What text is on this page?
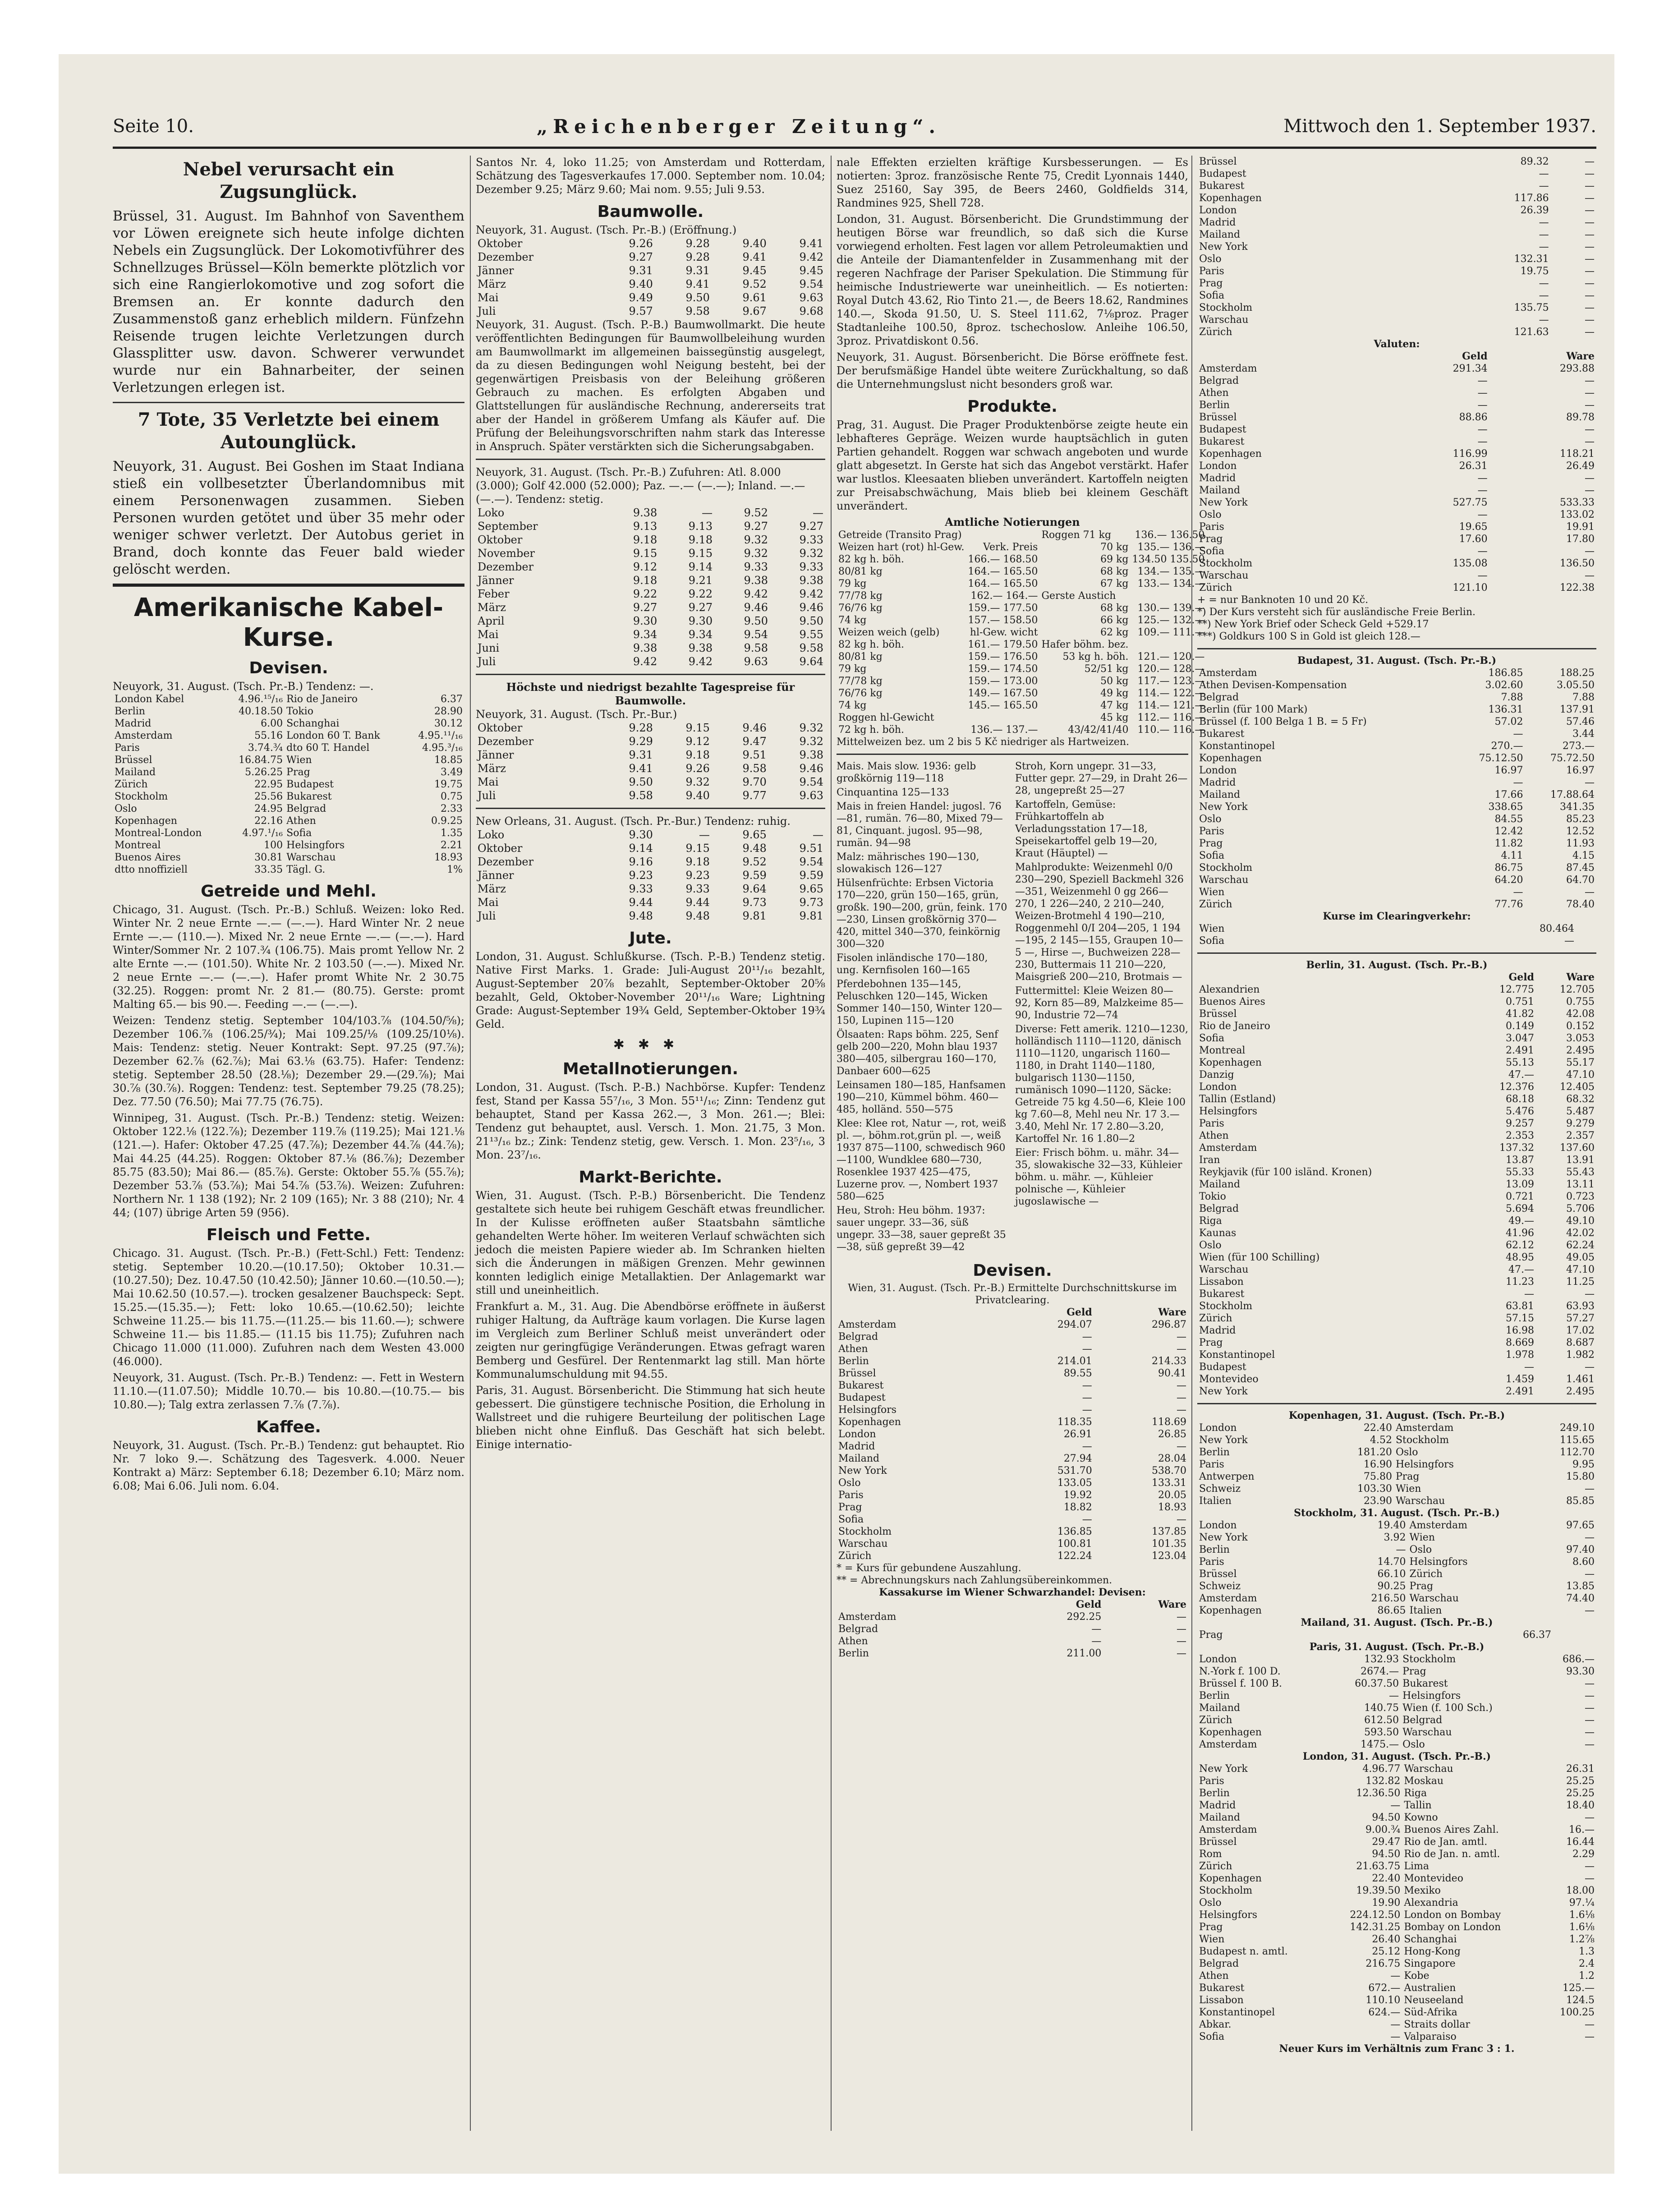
Seite 10.	„Reichenberger Zeitung“.	Mittwoch den 1. September 1937.
Nebel verursacht ein Zugsunglück.

Brüssel, 31. August. Im Bahnhof von Saventhem vor Löwen ereignete sich heute infolge dichten Nebels ein Zugsunglück. Der Lokomotivführer des Schnellzuges Brüssel—Köln bemerkte plötzlich vor sich eine Rangierlokomotive und zog sofort die Bremsen an. Er konnte dadurch den Zusammenstoß ganz erheblich mildern. Fünfzehn Reisende trugen leichte Verletzungen durch Glassplitter usw. davon. Schwerer verwundet wurde nur ein Bahnarbeiter, der seinen Verletzungen erlegen ist.

7 Tote, 35 Verletzte bei einem Autounglück.

Neuyork, 31. August. Bei Goshen im Staat Indiana stieß ein vollbesetzter Überlandomnibus mit einem Personenwagen zusammen. Sieben Personen wurden getötet und über 35 mehr oder weniger schwer verletzt. Der Autobus geriet in Brand, doch konnte das Feuer bald wieder gelöscht werden.

Amerikanische Kabel-Kurse.
Devisen.
Neuyork, 31. August. (Tsch. Pr.-B.) Tendenz: —.
London Kabel	4.96.¹⁵/₁₆	Rio de Janeiro	6.37
Berlin	40.18.50	Tokio	28.90
Madrid	6.00	Schanghai	30.12
Amsterdam	55.16	London 60 T. Bank	4.95.¹¹/₁₆
Paris	3.74.¾	dto 60 T. Handel	4.95.³/₁₆
Brüssel	16.84.75	Wien	18.85
Mailand	5.26.25	Prag	3.49
Zürich	22.95	Budapest	19.75
Stockholm	25.56	Bukarest	0.75
Oslo	24.95	Belgrad	2.33
Kopenhagen	22.16	Athen	0.9.25
Montreal-London	4.97.¹/₁₆	Sofia	1.35
Montreal	100	Helsingfors	2.21
Buenos Aires	30.81	Warschau	18.93
dtto nnoffiziell	33.35	Tägl. G.	1%
Getreide und Mehl.

Chicago, 31. August. (Tsch. Pr.-B.) Schluß. Weizen: loko Red. Winter Nr. 2 neue Ernte —.— (—.—). Hard Winter Nr. 2 neue Ernte —.— (110.—). Mixed Nr. 2 neue Ernte —.— (—.—). Hard Winter/Sommer Nr. 2 107.¾ (106.75). Mais promt Yellow Nr. 2 alte Ernte —.— (101.50). White Nr. 2 103.50 (—.—). Mixed Nr. 2 neue Ernte —.— (—.—). Hafer promt White Nr. 2 30.75 (32.25). Roggen: promt Nr. 2 81.— (80.75). Gerste: promt Malting 65.— bis 90.—. Feeding —.— (—.—).

Weizen: Tendenz stetig. September 104/103.⅞ (104.50/⅝); Dezember 106.⅞ (106.25/¾); Mai 109.25/⅛ (109.25/10⅛). Mais: Tendenz: stetig. Neuer Kontrakt: Sept. 97.25 (97.⅞); Dezember 62.⅞ (62.⅞); Mai 63.⅛ (63.75). Hafer: Tendenz: stetig. September 28.50 (28.⅛); Dezember 29.—(29.⅞); Mai 30.⅞ (30.⅞). Roggen: Tendenz: test. September 79.25 (78.25); Dez. 77.50 (76.50); Mai 77.75 (76.75).

Winnipeg, 31. August. (Tsch. Pr.-B.) Tendenz: stetig. Weizen: Oktober 122.⅛ (122.⅞); Dezember 119.⅞ (119.25); Mai 121.⅛ (121.—). Hafer: Oktober 47.25 (47.⅞); Dezember 44.⅞ (44.⅞); Mai 44.25 (44.25). Roggen: Oktober 87.⅛ (86.⅞); Dezember 85.75 (83.50); Mai 86.— (85.⅞). Gerste: Oktober 55.⅞ (55.⅞); Dezember 53.⅞ (53.⅞); Mai 54.⅞ (53.⅞). Weizen: Zufuhren: Northern Nr. 1 138 (192); Nr. 2 109 (165); Nr. 3 88 (210); Nr. 4 44; (107) übrige Arten 59 (956).

Fleisch und Fette.

Chicago. 31. August. (Tsch. Pr.-B.) (Fett-Schl.) Fett: Tendenz: stetig. September 10.20.—(10.17.50); Oktober 10.31.—(10.27.50); Dez. 10.47.50 (10.42.50); Jänner 10.60.—(10.50.—); Mai 10.62.50 (10.57.—). trocken gesalzener Bauchspeck: Sept. 15.25.—(15.35.—); Fett: loko 10.65.—(10.62.50); leichte Schweine 11.25.— bis 11.75.—(11.25.— bis 11.60.—); schwere Schweine 11.— bis 11.85.— (11.15 bis 11.75); Zufuhren nach Chicago 11.000 (11.000). Zufuhren nach dem Westen 43.000 (46.000).

Neuyork, 31. August. (Tsch. Pr.-B.) Tendenz: —. Fett in Western 11.10.—(11.07.50); Middle 10.70.— bis 10.80.—(10.75.— bis 10.80.—); Talg extra zerlassen 7.⅞ (7.⅞).

Kaffee.

Neuyork, 31. August. (Tsch. Pr.-B.) Tendenz: gut behauptet. Rio Nr. 7 loko 9.—. Schätzung des Tagesverk. 4.000. Neuer Kontrakt a) März: September 6.18; Dezember 6.10; März nom. 6.08; Mai 6.06. Juli nom. 6.04.

Santos Nr. 4, loko 11.25; von Amsterdam und Rotterdam, Schätzung des Tagesverkaufes 17.000. September nom. 10.04; Dezember 9.25; März 9.60; Mai nom. 9.55; Juli 9.53.

Baumwolle.
Neuyork, 31. August. (Tsch. Pr.-B.) (Eröffnung.)
Oktober	9.26	9.28	9.40	9.41
Dezember	9.27	9.28	9.41	9.42
Jänner	9.31	9.31	9.45	9.45
März	9.40	9.41	9.52	9.54
Mai	9.49	9.50	9.61	9.63
Juli	9.57	9.58	9.67	9.68

Neuyork, 31. August. (Tsch. P.-B.) Baumwollmarkt. Die heute veröffentlichten Bedingungen für Baumwollbeleihung wurden am Baumwollmarkt im allgemeinen baissegünstig ausgelegt, da zu diesen Bedingungen wohl Neigung besteht, bei der gegenwärtigen Preisbasis von der Beleihung größeren Gebrauch zu machen. Es erfolgten Abgaben und Glattstellungen für ausländische Rechnung, andererseits trat aber der Handel in größerem Umfang als Käufer auf. Die Prüfung der Beleihungsvorschriften nahm stark das Interesse in Anspruch. Später verstärkten sich die Sicherungsabgaben.

Neuyork, 31. August. (Tsch. Pr.-B.) Zufuhren: Atl. 8.000 (3.000); Golf 42.000 (52.000); Paz. —.— (—.—); Inland. —.— (—.—). Tendenz: stetig.
Loko	9.38	—	9.52	—
September	9.13	9.13	9.27	9.27
Oktober	9.18	9.18	9.32	9.33
November	9.15	9.15	9.32	9.32
Dezember	9.12	9.14	9.33	9.33
Jänner	9.18	9.21	9.38	9.38
Feber	9.22	9.22	9.42	9.42
März	9.27	9.27	9.46	9.46
April	9.30	9.30	9.50	9.50
Mai	9.34	9.34	9.54	9.55
Juni	9.38	9.38	9.58	9.58
Juli	9.42	9.42	9.63	9.64
Höchste und niedrigst bezahlte Tagespreise für Baumwolle.
Neuyork, 31. August. (Tsch. Pr.-Bur.)
Oktober	9.28	9.15	9.46	9.32
Dezember	9.29	9.12	9.47	9.32
Jänner	9.31	9.18	9.51	9.38
März	9.41	9.26	9.58	9.46
Mai	9.50	9.32	9.70	9.54
Juli	9.58	9.40	9.77	9.63
New Orleans, 31. August. (Tsch. Pr.-Bur.) Tendenz: ruhig.
Loko	9.30	—	9.65	—
Oktober	9.14	9.15	9.48	9.51
Dezember	9.16	9.18	9.52	9.54
Jänner	9.23	9.23	9.59	9.59
März	9.33	9.33	9.64	9.65
Mai	9.44	9.44	9.73	9.73
Juli	9.48	9.48	9.81	9.81
Jute.

London, 31. August. Schlußkurse. (Tsch. P.-B.) Tendenz stetig. Native First Marks. 1. Grade: Juli-August 20¹¹/₁₆ bezahlt, August-September 20⅞ bezahlt, September-Oktober 20⅝ bezahlt, Geld, Oktober-November 20¹¹/₁₆ Ware; Lightning Grade: August-September 19¾ Geld, September-Oktober 19¾ Geld.

✱✱✱
Metallnotierungen.

London, 31. August. (Tsch. P.-B.) Nachbörse. Kupfer: Tendenz fest, Stand per Kassa 55⁷/₁₆, 3 Mon. 55¹¹/₁₆; Zinn: Tendenz gut behauptet, Stand per Kassa 262.—, 3 Mon. 261.—; Blei: Tendenz gut behauptet, ausl. Versch. 1. Mon. 21.75, 3 Mon. 21¹³/₁₆ bz.; Zink: Tendenz stetig, gew. Versch. 1. Mon. 23⁵/₁₆, 3 Mon. 23⁷/₁₆.

Markt-Berichte.

Wien, 31. August. (Tsch. P.-B.) Börsenbericht. Die Tendenz gestaltete sich heute bei ruhigem Geschäft etwas freundlicher. In der Kulisse eröffneten außer Staatsbahn sämtliche gehandelten Werte höher. Im weiteren Verlauf schwächten sich jedoch die meisten Papiere wieder ab. Im Schranken hielten sich die Änderungen in mäßigen Grenzen. Mehr gewinnen konnten lediglich einige Metallaktien. Der Anlagemarkt war still und uneinheitlich.

Frankfurt a. M., 31. Aug. Die Abendbörse eröffnete in äußerst ruhiger Haltung, da Aufträge kaum vorlagen. Die Kurse lagen im Vergleich zum Berliner Schluß meist unverändert oder zeigten nur geringfügige Veränderungen. Etwas gefragt waren Bemberg und Gesfürel. Der Rentenmarkt lag still. Man hörte Kommunalumschuldung mit 94.55.

Paris, 31. August. Börsenbericht. Die Stimmung hat sich heute gebessert. Die günstigere technische Position, die Erholung in Wallstreet und die ruhigere Beurteilung der politischen Lage blieben nicht ohne Einfluß. Das Geschäft hat sich belebt. Einige internatio-

nale Effekten erzielten kräftige Kursbesserungen. — Es notierten: 3proz. französische Rente 75, Credit Lyonnais 1440, Suez 25160, Say 395, de Beers 2460, Goldfields 314, Randmines 925, Shell 728.

London, 31. August. Börsenbericht. Die Grundstimmung der heutigen Börse war freundlich, so daß sich die Kurse vorwiegend erholten. Fest lagen vor allem Petroleumaktien und die Anteile der Diamantenfelder in Zusammenhang mit der regeren Nachfrage der Pariser Spekulation. Die Stimmung für heimische Industriewerte war uneinheitlich. — Es notierten: Royal Dutch 43.62, Rio Tinto 21.—, de Beers 18.62, Randmines 140.—, Skoda 91.50, U. S. Steel 111.62, 7⅛proz. Prager Stadtanleihe 100.50, 8proz. tschechoslow. Anleihe 106.50, 3proz. Privatdiskont 0.56.

Neuyork, 31. August. Börsenbericht. Die Börse eröffnete fest. Der berufsmäßige Handel übte weitere Zurückhaltung, so daß die Unternehmungslust nicht besonders groß war.

Produkte.

Prag, 31. August. Die Prager Produktenbörse zeigte heute ein lebhafteres Gepräge. Weizen wurde hauptsächlich in guten Partien gehandelt. Roggen war schwach angeboten und wurde glatt abgesetzt. In Gerste hat sich das Angebot verstärkt. Hafer war lustlos. Kleesaaten blieben unverändert. Kartoffeln neigten zur Preisabschwächung, Mais blieb bei kleinem Geschäft unverändert.

Amtliche Notierungen
Getreide (Transito Prag)		Roggen 71 kg	136.— 136.50
Weizen hart (rot) hl-Gew.	Verk. Preis	70 kg	135.— 136.—
82 kg h. böh.	166.— 168.50	69 kg	134.50 135.50
80/81 kg	164.— 165.50	68 kg	134.— 135.—
79 kg	164.— 165.50	67 kg	133.— 134.—
77/78 kg	162.— 164.—	Gerste Austich	
76/76 kg	159.— 177.50	68 kg	130.— 139.—
74 kg	157.— 158.50	66 kg	125.— 132.—
Weizen weich (gelb)	hl-Gew. wicht	62 kg	109.— 111.—
82 kg h. böh.	161.— 179.50	Hafer böhm. bez.	
80/81 kg	159.— 176.50	53 kg h. böh.	121.— 120.—
79 kg	159.— 174.50	52/51 kg	120.— 128.—
77/78 kg	159.— 173.00	50 kg	117.— 123.—
76/76 kg	149.— 167.50	49 kg	114.— 122.—
74 kg	145.— 165.50	47 kg	114.— 121.—
Roggen hl-Gewicht		45 kg	112.— 116.—
72 kg h. böh.	136.— 137.—	43/42/41/40	110.— 116.—
Mittelweizen bez. um 2 bis 5 Kč niedriger als Hartweizen.
Mais. Mais slow. 1936: gelb großkörnig 119—118
Cinquantina 125—133
Mais in freien Handel: jugosl. 76—81, rumän. 76—80, Mixed 79—81, Cinquant. jugosl. 95—98, rumän. 94—98
Malz: mährisches 190—130, slowakisch 126—127
Hülsenfrüchte: Erbsen Victoria 170—220, grün 150—165, grün, großk. 190—200, grün, feink. 170—230, Linsen großkörnig 370—420, mittel 340—370, feinkörnig 300—320
Fisolen inländische 170—180, ung. Kernfisolen 160—165
Pferdebohnen 135—145, Peluschken 120—145, Wicken Sommer 140—150, Winter 120—150, Lupinen 115—120
Ölsaaten: Raps böhm. 225, Senf gelb 200—220, Mohn blau 1937 380—405, silbergrau 160—170, Danbaer 600—625
Leinsamen 180—185, Hanfsamen 190—210, Kümmel böhm. 460—485, holländ. 550—575
Klee: Klee rot, Natur —, rot, weiß pl. —, böhm.rot,grün pl. —, weiß 1937 875—1100, schwedisch 960—1100, Wundklee 680—730, Rosenklee 1937 425—475, Luzerne prov. —, Nombert 1937 580—625
Heu, Stroh: Heu böhm. 1937: sauer ungepr. 33—36, süß ungepr. 33—38, sauer gepreßt 35—38, süß gepreßt 39—42
Stroh, Korn ungepr. 31—33, Futter gepr. 27—29, in Draht 26—28, ungepreßt 25—27
Kartoffeln, Gemüse: Frühkartoffeln ab Verladungsstation 17—18, Speisekartoffel gelb 19—20, Kraut (Häuptel) —
Mahlprodukte: Weizenmehl 0/0 230—290, Speziell Backmehl 326—351, Weizenmehl 0 gg 266—270, 1 226—240, 2 210—240, Weizen-Brotmehl 4 190—210, Roggenmehl 0/I 204—205, 1 194—195, 2 145—155, Graupen 10—5 —, Hirse —, Buchweizen 228—230, Buttermais 11 210—220, Maisgrieß 200—210, Brotmais —
Futtermittel: Kleie Weizen 80—92, Korn 85—89, Malzkeime 85—90, Industrie 72—74
Diverse: Fett amerik. 1210—1230, holländisch 1110—1120, dänisch 1110—1120, ungarisch 1160—1180, in Draht 1140—1180, bulgarisch 1130—1150, rumänisch 1090—1120, Säcke: Getreide 75 kg 4.50—6, Kleie 100 kg 7.60—8, Mehl neu Nr. 17 3.—3.40, Mehl Nr. 17 2.80—3.20, Kartoffel Nr. 16 1.80—2
Eier: Frisch böhm. u. mähr. 34—35, slowakische 32—33, Kühleier böhm. u. mähr. —, Kühleier polnische —, Kühleier jugoslawische —
Devisen.
Wien, 31. August. (Tsch. Pr.-B.) Ermittelte Durchschnittskurse im Privatclearing.
	Geld	Ware
Amsterdam	294.07	296.87
Belgrad	—	—
Athen	—	—
Berlin	214.01	214.33
Brüssel	89.55	90.41
Bukarest	—	—
Budapest	—	—
Helsingfors	—	—
Kopenhagen	118.35	118.69
London	26.91	26.85
Madrid	—	—
Mailand	27.94	28.04
New York	531.70	538.70
Oslo	133.05	133.31
Paris	19.92	20.05
Prag	18.82	18.93
Sofia	—	—
Stockholm	136.85	137.85
Warschau	100.81	101.35
Zürich	122.24	123.04
* = Kurs für gebundene Auszahlung.
** = Abrechnungskurs nach Zahlungsübereinkommen.
Kassakurse im Wiener Schwarzhandel: Devisen:
	Geld	Ware
Amsterdam	292.25	—
Belgrad	—	—
Athen	—	—
Berlin	211.00	—
Brüssel	89.32	—
Budapest	—	—
Bukarest	—	—
Kopenhagen	117.86	—
London	26.39	—
Madrid	—	—
Mailand	—	—
New York	—	—
Oslo	132.31	—
Paris	19.75	—
Prag	—	—
Sofia	—	—
Stockholm	135.75	—
Warschau	—	—
Zürich	121.63	—
Valuten:
	Geld	Ware
Amsterdam	291.34	293.88
Belgrad	—	—
Athen	—	—
Berlin	—	—
Brüssel	88.86	89.78
Budapest	—	—
Bukarest	—	—
Kopenhagen	116.99	118.21
London	26.31	26.49
Madrid	—	—
Mailand	—	—
New York	527.75	533.33
Oslo	—	133.02
Paris	19.65	19.91
Prag	17.60	17.80
Sofia	—	—
Stockholm	135.08	136.50
Warschau	—	—
Zürich	121.10	122.38
+ = nur Banknoten 10 und 20 Kč.
*) Der Kurs versteht sich für ausländische Freie Berlin.
**) New York Brief oder Scheck Geld +529.17
***) Goldkurs 100 S in Gold ist gleich 128.—
Budapest, 31. August. (Tsch. Pr.-B.)
Amsterdam	186.85	188.25
Athen Devisen-Kompensation	3.02.60	3.05.50
Belgrad	7.88	7.88
Berlin (für 100 Mark)	136.31	137.91
Brüssel (f. 100 Belga 1 B. = 5 Fr)	57.02	57.46
Bukarest	—	3.44
Konstantinopel	270.—	273.—
Kopenhagen	75.12.50	75.72.50
London	16.97	16.97
Madrid	—	—
Mailand	17.66	17.88.64
New York	338.65	341.35
Oslo	84.55	85.23
Paris	12.42	12.52
Prag	11.82	11.93
Sofia	4.11	4.15
Stockholm	86.75	87.45
Warschau	64.20	64.70
Wien	—	—
Zürich	77.76	78.40
Kurse im Clearingverkehr:
Wien	80.464	
Sofia	—	
Berlin, 31. August. (Tsch. Pr.-B.)
	Geld	Ware
Alexandrien	12.775	12.705
Buenos Aires	0.751	0.755
Brüssel	41.82	42.08
Rio de Janeiro	0.149	0.152
Sofia	3.047	3.053
Montreal	2.491	2.495
Kopenhagen	55.13	55.17
Danzig	47.—	47.10
London	12.376	12.405
Tallin (Estland)	68.18	68.32
Helsingfors	5.476	5.487
Paris	9.257	9.279
Athen	2.353	2.357
Amsterdam	137.32	137.60
Iran	13.87	13.91
Reykjavik (für 100 isländ. Kronen)	55.33	55.43
Mailand	13.09	13.11
Tokio	0.721	0.723
Belgrad	5.694	5.706
Riga	49.—	49.10
Kaunas	41.96	42.02
Oslo	62.12	62.24
Wien (für 100 Schilling)	48.95	49.05
Warschau	47.—	47.10
Lissabon	11.23	11.25
Bukarest	—	—
Stockholm	63.81	63.93
Zürich	57.15	57.27
Madrid	16.98	17.02
Prag	8.669	8.687
Konstantinopel	1.978	1.982
Budapest	—	—
Montevideo	1.459	1.461
New York	2.491	2.495
Kopenhagen, 31. August. (Tsch. Pr.-B.)
London	22.40	Amsterdam	249.10
New York	4.52	Stockholm	115.65
Berlin	181.20	Oslo	112.70
Paris	16.90	Helsingfors	9.95
Antwerpen	75.80	Prag	15.80
Schweiz	103.30	Wien	—
Italien	23.90	Warschau	85.85
Stockholm, 31. August. (Tsch. Pr.-B.)
London	19.40	Amsterdam	97.65
New York	3.92	Wien	—
Berlin	—	Oslo	97.40
Paris	14.70	Helsingfors	8.60
Brüssel	66.10	Zürich	—
Schweiz	90.25	Prag	13.85
Amsterdam	216.50	Warschau	74.40
Kopenhagen	86.65	Italien	—
Mailand, 31. August. (Tsch. Pr.-B.)
Prag	66.37		
Paris, 31. August. (Tsch. Pr.-B.)
London	132.93	Stockholm	686.—
N.-York f. 100 D.	2674.—	Prag	93.30
Brüssel f. 100 B.	60.37.50	Bukarest	—
Berlin	—	Helsingfors	—
Mailand	140.75	Wien (f. 100 Sch.)	—
Zürich	612.50	Belgrad	—
Kopenhagen	593.50	Warschau	—
Amsterdam	1475.—	Oslo	—
London, 31. August. (Tsch. Pr.-B.)
New York	4.96.77	Warschau	26.31
Paris	132.82	Moskau	25.25
Berlin	12.36.50	Riga	25.25
Madrid	—	Tallin	18.40
Mailand	94.50	Kowno	—
Amsterdam	9.00.¾	Buenos Aires Zahl.	16.—
Brüssel	29.47	Rio de Jan. amtl.	16.44
Rom	94.50	Rio de Jan. n. amtl.	2.29
Zürich	21.63.75	Lima	—
Kopenhagen	22.40	Montevideo	—
Stockholm	19.39.50	Mexiko	18.00
Oslo	19.90	Alexandria	97.¼
Helsingfors	224.12.50	London on Bombay	1.6⅛
Prag	142.31.25	Bombay on London	1.6⅛
Wien	26.40	Schanghai	1.2⅞
Budapest n. amtl.	25.12	Hong-Kong	1.3
Belgrad	216.75	Singapore	2.4
Athen	—	Kobe	1.2
Bukarest	672.—	Australien	125.—
Lissabon	110.10	Neuseeland	124.5
Konstantinopel	624.—	Süd-Afrika	100.25
Abkar.	—	Straits dollar	—
Sofia	—	Valparaiso	—
Neuer Kurs im Verhältnis zum Franc 3 : 1.
